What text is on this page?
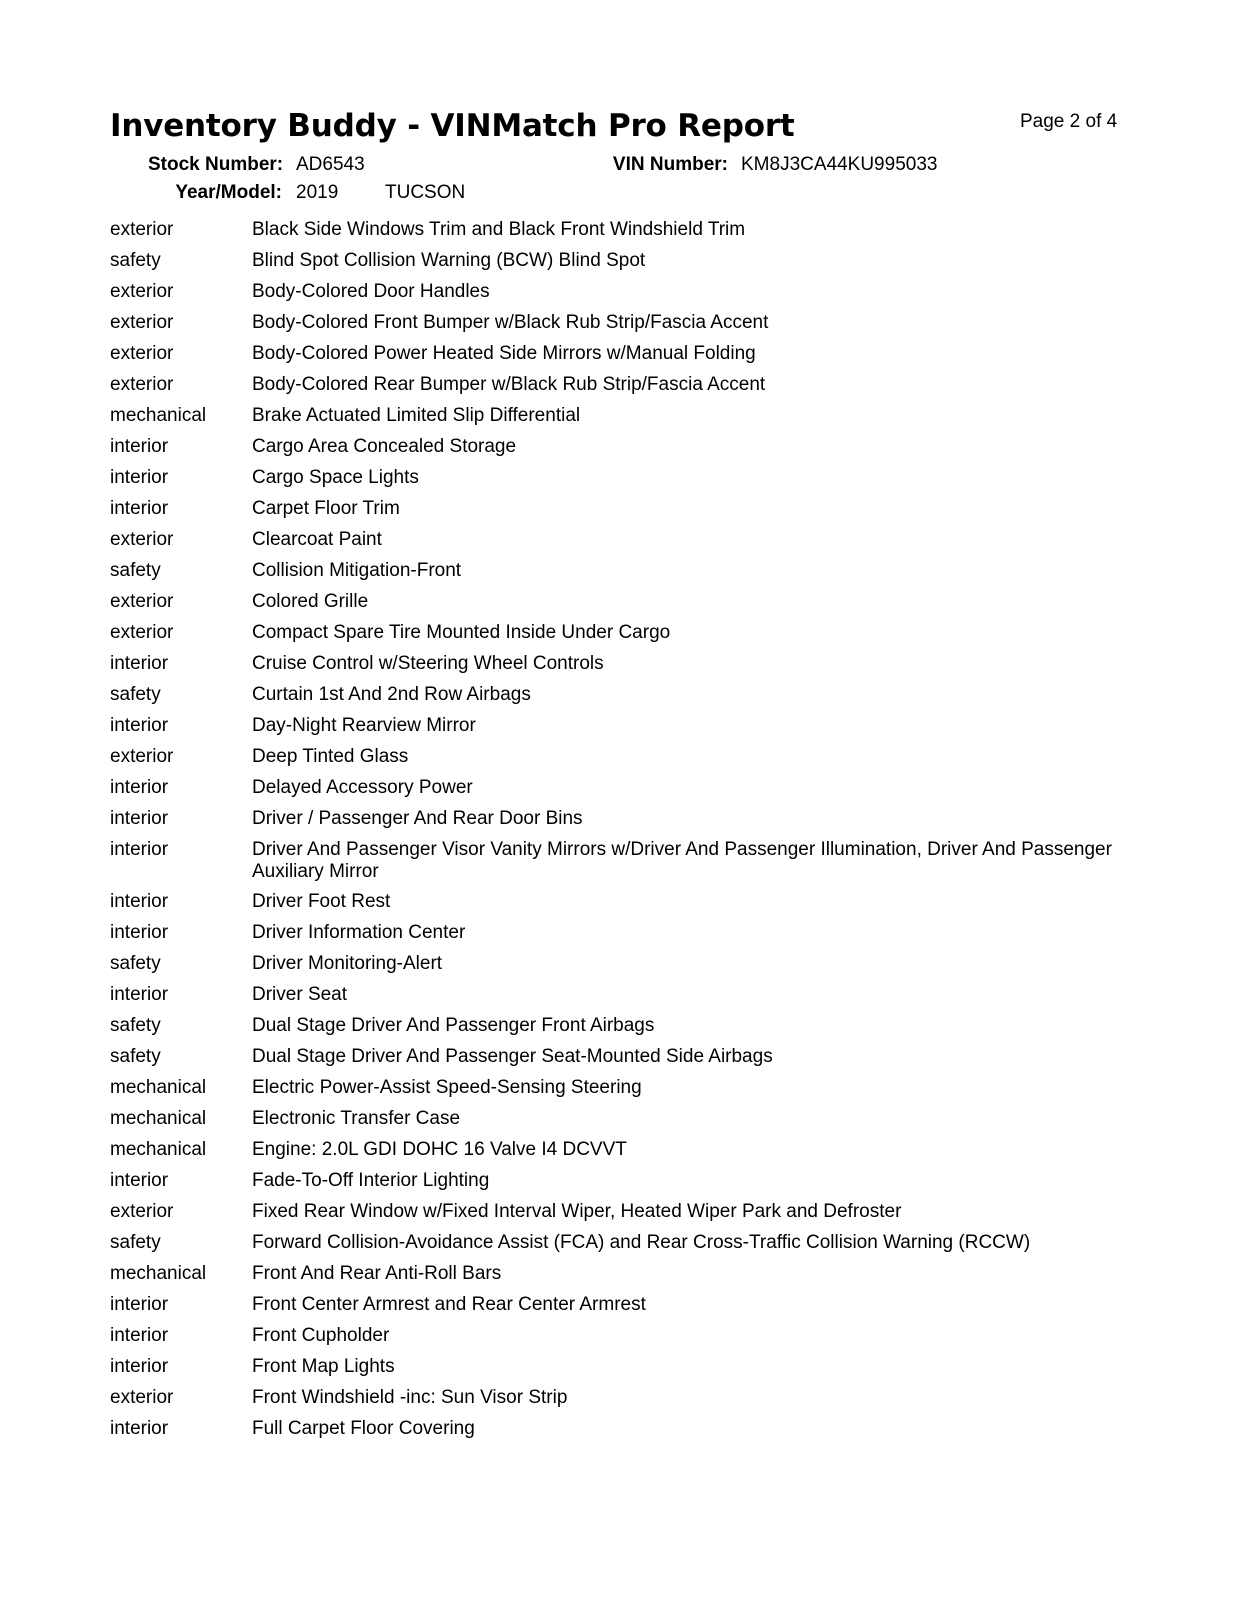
Inventory Buddy - VINMatch Pro Report	Page 2 of 4
Stock Number: AD6543	VIN Number: KM8J3CA44KU995033
Year/Model: 2019 TUCSON
exterior	Black Side Windows Trim and Black Front Windshield Trim
safety	Blind Spot Collision Warning (BCW) Blind Spot
exterior	Body-Colored Door Handles
exterior	Body-Colored Front Bumper w/Black Rub Strip/Fascia Accent
exterior	Body-Colored Power Heated Side Mirrors w/Manual Folding
exterior	Body-Colored Rear Bumper w/Black Rub Strip/Fascia Accent
mechanical	Brake Actuated Limited Slip Differential
interior	Cargo Area Concealed Storage
interior	Cargo Space Lights
interior	Carpet Floor Trim
exterior	Clearcoat Paint
safety	Collision Mitigation-Front
exterior	Colored Grille
exterior	Compact Spare Tire Mounted Inside Under Cargo
interior	Cruise Control w/Steering Wheel Controls
safety	Curtain 1st And 2nd Row Airbags
interior	Day-Night Rearview Mirror
exterior	Deep Tinted Glass
interior	Delayed Accessory Power
interior	Driver / Passenger And Rear Door Bins
interior	Driver And Passenger Visor Vanity Mirrors w/Driver And Passenger Illumination, Driver And Passenger Auxiliary Mirror
interior	Driver Foot Rest
interior	Driver Information Center
safety	Driver Monitoring-Alert
interior	Driver Seat
safety	Dual Stage Driver And Passenger Front Airbags
safety	Dual Stage Driver And Passenger Seat-Mounted Side Airbags
mechanical	Electric Power-Assist Speed-Sensing Steering
mechanical	Electronic Transfer Case
mechanical	Engine: 2.0L GDI DOHC 16 Valve I4 DCVVT
interior	Fade-To-Off Interior Lighting
exterior	Fixed Rear Window w/Fixed Interval Wiper, Heated Wiper Park and Defroster
safety	Forward Collision-Avoidance Assist (FCA) and Rear Cross-Traffic Collision Warning (RCCW)
mechanical	Front And Rear Anti-Roll Bars
interior	Front Center Armrest and Rear Center Armrest
interior	Front Cupholder
interior	Front Map Lights
exterior	Front Windshield -inc: Sun Visor Strip
interior	Full Carpet Floor Covering
